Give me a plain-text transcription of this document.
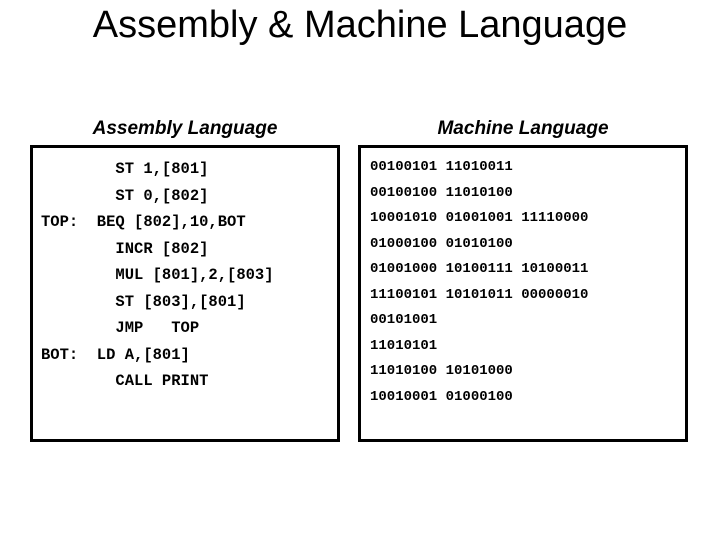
Assembly & Machine Language
Assembly Language
ST 1,[801]
ST 0,[802]
TOP:  BEQ [802],10,BOT
INCR [802]
MUL [801],2,[803]
ST [803],[801]
JMP   TOP
BOT:  LD A,[801]
CALL PRINT
Machine Language
00100101 11010011
00100100 11010100
10001010 01001001 11110000
01000100 01010100
01001000 10100111 10100011
11100101 10101011 00000010
00101001
11010101
11010100 10101000
10010001 01000100
